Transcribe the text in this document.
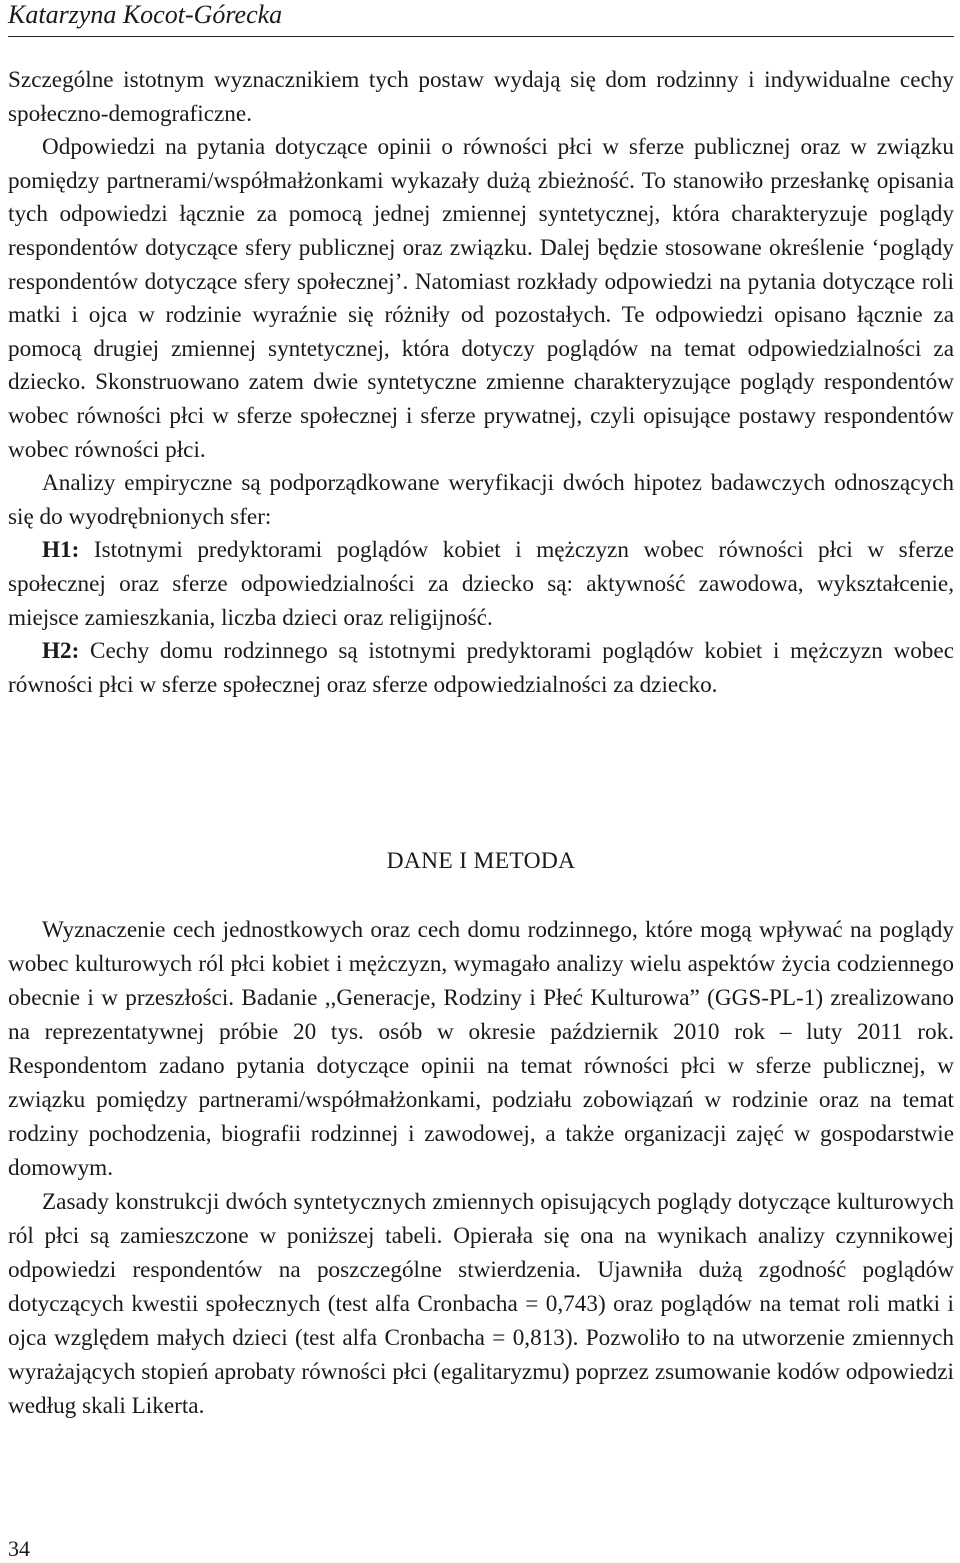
Katarzyna Kocot-Górecka

Szczególne istotnym wyznacznikiem tych postaw wydają się dom rodzinny i indywidualne cechy społeczno-demograficzne.

Odpowiedzi na pytania dotyczące opinii o równości płci w sferze publicznej oraz w związku pomiędzy partnerami/współmałżonkami wykazały dużą zbieżność. To stanowiło przesłankę opisania tych odpowiedzi łącznie za pomocą jednej zmiennej syntetycznej, która charakteryzuje poglądy respondentów dotyczące sfery publicznej oraz związku. Dalej będzie stosowane określenie ‘poglądy respondentów dotyczące sfery społecznej’. Natomiast rozkłady odpowiedzi na pytania dotyczące roli matki i ojca w rodzinie wyraźnie się różniły od pozostałych. Te odpowiedzi opisano łącznie za pomocą drugiej zmiennej syntetycznej, która dotyczy poglądów na temat odpowiedzialności za dziecko. Skonstruowano zatem dwie syntetyczne zmienne charakteryzujące poglądy respondentów wobec równości płci w sferze społecznej i sferze prywatnej, czyli opisujące postawy respondentów wobec równości płci.

Analizy empiryczne są podporządkowane weryfikacji dwóch hipotez badawczych odnoszących się do wyodrębnionych sfer:

H1: Istotnymi predyktorami poglądów kobiet i mężczyzn wobec równości płci w sferze społecznej oraz sferze odpowiedzialności za dziecko są: aktywność zawodowa, wykształcenie, miejsce zamieszkania, liczba dzieci oraz religijność.

H2: Cechy domu rodzinnego są istotnymi predyktorami poglądów kobiet i mężczyzn wobec równości płci w sferze społecznej oraz sferze odpowiedzialności za dziecko.

DANE I METODA

Wyznaczenie cech jednostkowych oraz cech domu rodzinnego, które mogą wpływać na poglądy wobec kulturowych ról płci kobiet i mężczyzn, wymagało analizy wielu aspektów życia codziennego obecnie i w przeszłości. Badanie ,,Generacje, Rodziny i Płeć Kulturowa” (GGS-PL-1) zrealizowano na reprezentatywnej próbie 20 tys. osób w okresie październik 2010 rok – luty 2011 rok. Respondentom zadano pytania dotyczące opinii na temat równości płci w sferze publicznej, w związku pomiędzy partnerami/współmałżonkami, podziału zobowiązań w rodzinie oraz na temat rodziny pochodzenia, biografii rodzinnej i zawodowej, a także organizacji zajęć w gospodarstwie domowym.

Zasady konstrukcji dwóch syntetycznych zmiennych opisujących poglądy dotyczące kulturowych ról płci są zamieszczone w poniższej tabeli. Opierała się ona na wynikach analizy czynnikowej odpowiedzi respondentów na poszczególne stwierdzenia. Ujawniła dużą zgodność poglądów dotyczących kwestii społecznych (test alfa Cronbacha = 0,743) oraz poglądów na temat roli matki i ojca względem małych dzieci (test alfa Cronbacha = 0,813). Pozwoliło to na utworzenie zmiennych wyrażających stopień aprobaty równości płci (egalitaryzmu) poprzez zsumowanie kodów odpowiedzi według skali Likerta.

34
